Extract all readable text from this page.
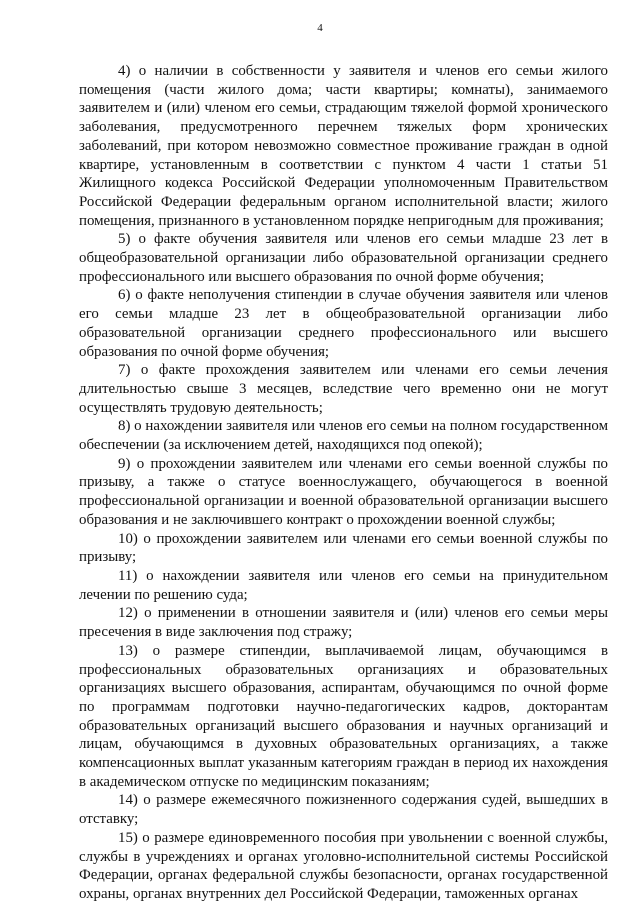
4

4) о наличии в собственности у заявителя и членов его семьи жилого помещения (части жилого дома; части квартиры; комнаты), занимаемого заявителем и (или) членом его семьи, страдающим тяжелой формой хронического заболевания, предусмотренного перечнем тяжелых форм хронических заболеваний, при котором невозможно совместное проживание граждан в одной квартире, установленным в соответствии с пунктом 4 части 1 статьи 51 Жилищного кодекса Российской Федерации уполномоченным Правительством Российской Федерации федеральным органом исполнительной власти; жилого помещения, признанного в установленном порядке непригодным для проживания;

5) о факте обучения заявителя или членов его семьи младше 23 лет в общеобразовательной организации либо образовательной организации среднего профессионального или высшего образования по очной форме обучения;

6) о факте неполучения стипендии в случае обучения заявителя или членов его семьи младше 23 лет в общеобразовательной организации либо образовательной организации среднего профессионального или высшего образования по очной форме обучения;

7) о факте прохождения заявителем или членами его семьи лечения длительностью свыше 3 месяцев, вследствие чего временно они не могут осуществлять трудовую деятельность;

8) о нахождении заявителя или членов его семьи на полном государственном обеспечении (за исключением детей, находящихся под опекой);

9) о прохождении заявителем или членами его семьи военной службы по призыву, а также о статусе военнослужащего, обучающегося в военной профессиональной организации и военной образовательной организации высшего образования и не заключившего контракт о прохождении военной службы;

10) о прохождении заявителем или членами его семьи военной службы по призыву;

11) о нахождении заявителя или членов его семьи на принудительном лечении по решению суда;

12) о применении в отношении заявителя и (или) членов его семьи меры пресечения в виде заключения под стражу;

13) о размере стипендии, выплачиваемой лицам, обучающимся в профессиональных образовательных организациях и образовательных организациях высшего образования, аспирантам, обучающимся по очной форме по программам подготовки научно-педагогических кадров, докторантам образовательных организаций высшего образования и научных организаций и лицам, обучающимся в духовных образовательных организациях, а также компенсационных выплат указанным категориям граждан в период их нахождения в академическом отпуске по медицинским показаниям;

14) о размере ежемесячного пожизненного содержания судей, вышедших в отставку;

15) о размере единовременного пособия при увольнении с военной службы, службы в учреждениях и органах уголовно-исполнительной системы Российской Федерации, органах федеральной службы безопасности, органах государственной охраны, органах внутренних дел Российской Федерации, таможенных органах
